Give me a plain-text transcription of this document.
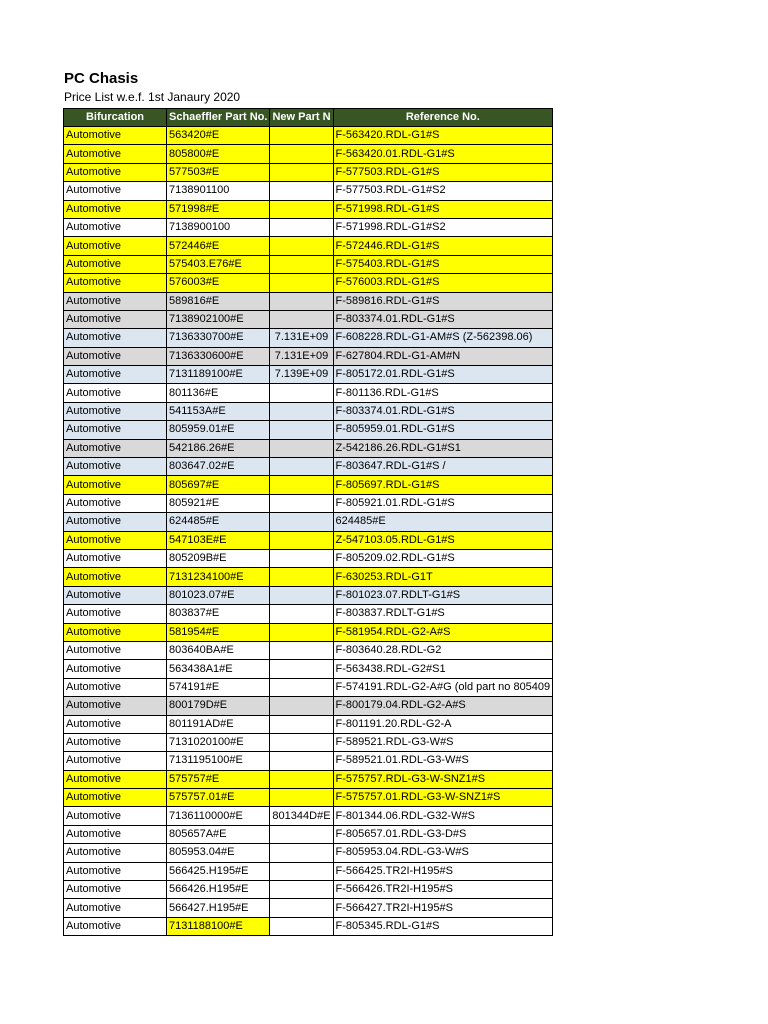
PC Chasis
Price List w.e.f. 1st Janaury 2020
Bifurcation	Schaeffler Part No.	New Part N	Reference No.
Automotive	563420#E		F-563420.RDL-G1#S
Automotive	805800#E		F-563420.01.RDL-G1#S
Automotive	577503#E		F-577503.RDL-G1#S
Automotive	7138901100		F-577503.RDL-G1#S2
Automotive	571998#E		F-571998.RDL-G1#S
Automotive	7138900100		F-571998.RDL-G1#S2
Automotive	572446#E		F-572446.RDL-G1#S
Automotive	575403.E76#E		F-575403.RDL-G1#S
Automotive	576003#E		F-576003.RDL-G1#S
Automotive	589816#E		F-589816.RDL-G1#S
Automotive	7138902100#E		F-803374.01.RDL-G1#S
Automotive	7136330700#E	7.131E+09	F-608228.RDL-G1-AM#S (Z-562398.06)
Automotive	7136330600#E	7.131E+09	F-627804.RDL-G1-AM#N
Automotive	7131189100#E	7.139E+09	F-805172.01.RDL-G1#S
Automotive	801136#E		F-801136.RDL-G1#S
Automotive	541153A#E		F-803374.01.RDL-G1#S
Automotive	805959.01#E		F-805959.01.RDL-G1#S
Automotive	542186.26#E		Z-542186.26.RDL-G1#S1
Automotive	803647.02#E		F-803647.RDL-G1#S /
Automotive	805697#E		F-805697.RDL-G1#S
Automotive	805921#E		F-805921.01.RDL-G1#S
Automotive	624485#E		624485#E
Automotive	547103E#E		Z-547103.05.RDL-G1#S
Automotive	805209B#E		F-805209.02.RDL-G1#S
Automotive	7131234100#E		F-630253.RDL-G1T
Automotive	801023.07#E		F-801023.07.RDLT-G1#S
Automotive	803837#E		F-803837.RDLT-G1#S
Automotive	581954#E		F-581954.RDL-G2-A#S
Automotive	803640BA#E		F-803640.28.RDL-G2
Automotive	563438A1#E		F-563438.RDL-G2#S1
Automotive	574191#E		F-574191.RDL-G2-A#G (old part no 805409
Automotive	800179D#E		F-800179.04.RDL-G2-A#S
Automotive	801191AD#E		F-801191.20.RDL-G2-A
Automotive	7131020100#E		F-589521.RDL-G3-W#S
Automotive	7131195100#E		F-589521.01.RDL-G3-W#S
Automotive	575757#E		F-575757.RDL-G3-W-SNZ1#S
Automotive	575757.01#E		F-575757.01.RDL-G3-W-SNZ1#S
Automotive	7136110000#E	801344D#E	F-801344.06.RDL-G32-W#S
Automotive	805657A#E		F-805657.01.RDL-G3-D#S
Automotive	805953.04#E		F-805953.04.RDL-G3-W#S
Automotive	566425.H195#E		F-566425.TR2I-H195#S
Automotive	566426.H195#E		F-566426.TR2I-H195#S
Automotive	566427.H195#E		F-566427.TR2I-H195#S
Automotive	7131188100#E		F-805345.RDL-G1#S
